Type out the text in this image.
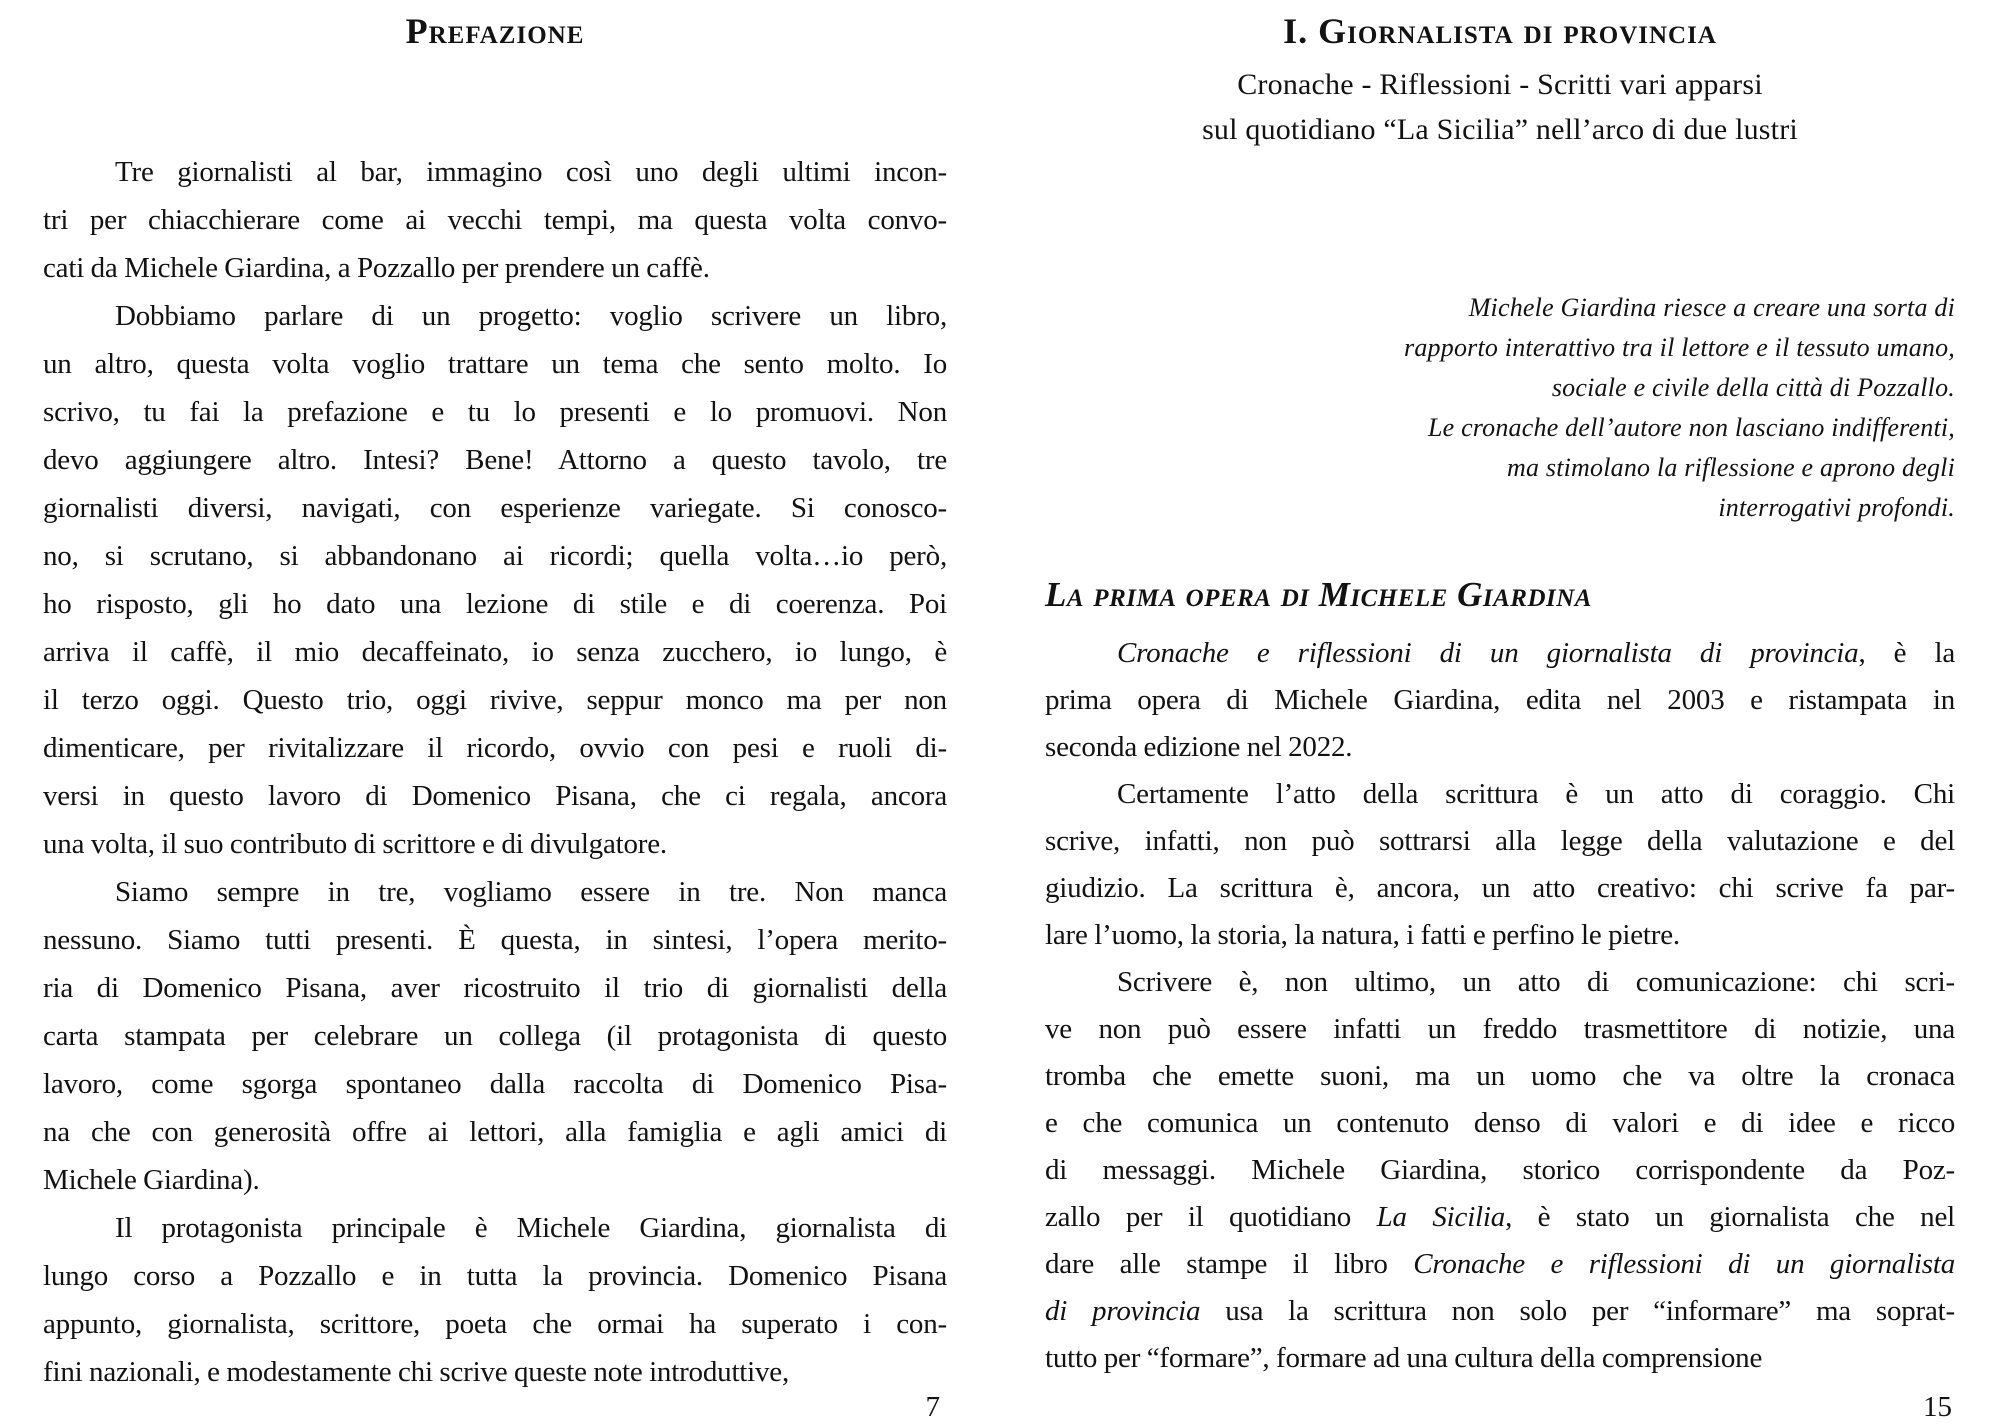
Prefazione
Tre giornalisti al bar, immagino così uno degli ultimi incon-
tri per chiacchierare come ai vecchi tempi, ma questa volta convo-
cati da Michele Giardina, a Pozzallo per prendere un caffè.
Dobbiamo parlare di un progetto: voglio scrivere un libro,
un altro, questa volta voglio trattare un tema che sento molto. Io
scrivo, tu fai la prefazione e tu lo presenti e lo promuovi. Non
devo aggiungere altro. Intesi? Bene! Attorno a questo tavolo, tre
giornalisti diversi, navigati, con esperienze variegate. Si conosco-
no, si scrutano, si abbandonano ai ricordi; quella volta…io però,
ho risposto, gli ho dato una lezione di stile e di coerenza. Poi
arriva il caffè, il mio decaffeinato, io senza zucchero, io lungo, è
il terzo oggi. Questo trio, oggi rivive, seppur monco ma per non
dimenticare, per rivitalizzare il ricordo, ovvio con pesi e ruoli di-
versi in questo lavoro di Domenico Pisana, che ci regala, ancora
una volta, il suo contributo di scrittore e di divulgatore.
Siamo sempre in tre, vogliamo essere in tre. Non manca
nessuno. Siamo tutti presenti. È questa, in sintesi, l’opera merito-
ria di Domenico Pisana, aver ricostruito il trio di giornalisti della
carta stampata per celebrare un collega (il protagonista di questo
lavoro, come sgorga spontaneo dalla raccolta di Domenico Pisa-
na che con generosità offre ai lettori, alla famiglia e agli amici di
Michele Giardina).
Il protagonista principale è Michele Giardina, giornalista di
lungo corso a Pozzallo e in tutta la provincia. Domenico Pisana
appunto, giornalista, scrittore, poeta che ormai ha superato i con-
fini nazionali, e modestamente chi scrive queste note introduttive,
7
I. Giornalista di provincia
Cronache - Riflessioni - Scritti vari apparsi
sul quotidiano “La Sicilia” nell’arco di due lustri
Michele Giardina riesce a creare una sorta di
rapporto interattivo tra il lettore e il tessuto umano,
sociale e civile della città di Pozzallo.
Le cronache dell’autore non lasciano indifferenti,
ma stimolano la riflessione e aprono degli
interrogativi profondi.
La prima opera di Michele Giardina
Cronache e riflessioni di un giornalista di provincia, è la
prima opera di Michele Giardina, edita nel 2003 e ristampata in
seconda edizione nel 2022.
Certamente l’atto della scrittura è un atto di coraggio. Chi
scrive, infatti, non può sottrarsi alla legge della valutazione e del
giudizio. La scrittura è, ancora, un atto creativo: chi scrive fa par-
lare l’uomo, la storia, la natura, i fatti e perfino le pietre.
Scrivere è, non ultimo, un atto di comunicazione: chi scri-
ve non può essere infatti un freddo trasmettitore di notizie, una
tromba che emette suoni, ma un uomo che va oltre la cronaca
e che comunica un contenuto denso di valori e di idee e ricco
di messaggi. Michele Giardina, storico corrispondente da Poz-
zallo per il quotidiano La Sicilia, è stato un giornalista che nel
dare alle stampe il libro Cronache e riflessioni di un giornalista
di provincia usa la scrittura non solo per “informare” ma soprat-
tutto per “formare”, formare ad una cultura della comprensione
15
